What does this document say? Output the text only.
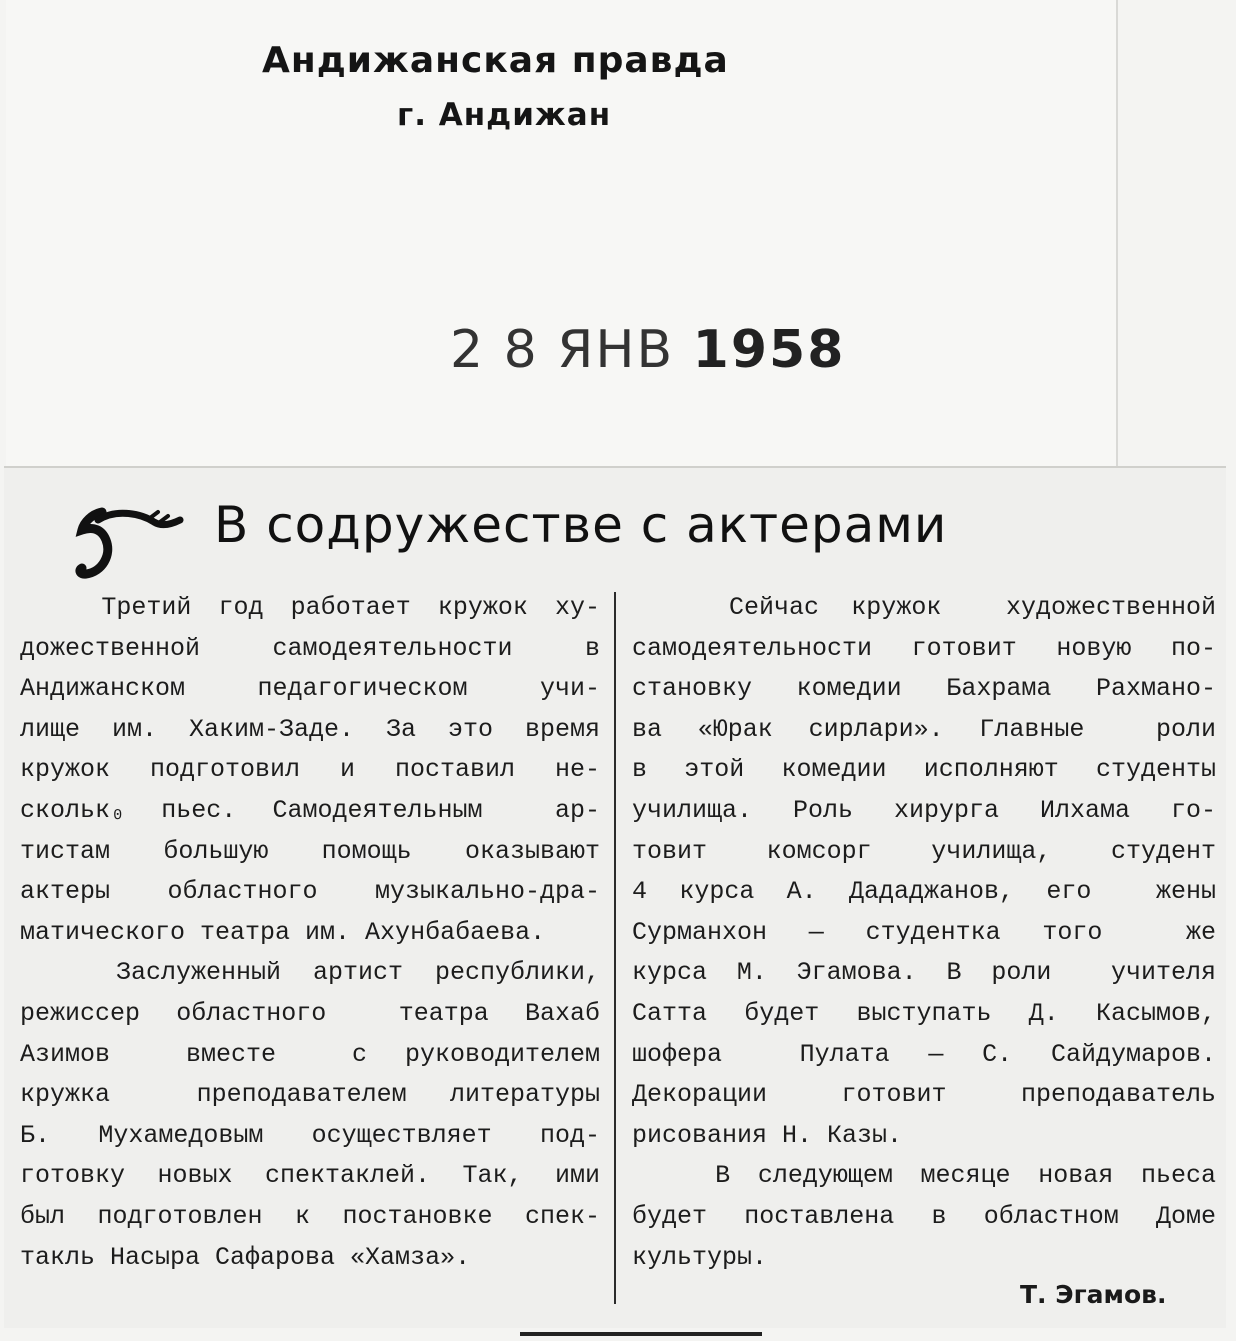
Андижанская правда
г. Андижан
2 8 ЯНВ 1958
В содружестве с актерами
Третий год работает кружок ху-
дожественной  самодеятельности  в
Андижанском  педагогическом  учи-
лище им. Хаким-Заде. За это время
кружок подготовил и поставил не-
скольк₀ пьес. Самодеятельным  ар-
тистам большую помощь оказывают
актеры областного музыкально-дра-
матического театра им. Ахунбабаева.
Заслуженный артист республики,
режиссер областного  театра Вахаб
Азимов  вместе  с руководителем
кружка  преподавателем литературы
Б. Мухамедовым осуществляет под-
готовку новых спектаклей. Так, ими
был подготовлен к постановке спек-
такль Насыра Сафарова «Хамза».
Сейчас кружок  художественной
самодеятельности готовит новую по-
становку комедии Бахрама Рахмано-
ва «Юрак сирлари». Главные  роли
в этой комедии исполняют студенты
училища. Роль хирурга Илхама го-
товит  комсорг  училища,  студент
4 курса А. Дададжанов, его  жены
Сурманхон — студентка того  же
курса М. Эгамова. В роли  учителя
Сатта будет выступать Д. Касымов,
шофера  Пулата — С. Сайдумаров.
Декорации  готовит  преподаватель
рисования Н. Казы.
В следующем месяце новая пьеса
будет поставлена в областном Доме
культуры.
Т. Эгамов.
